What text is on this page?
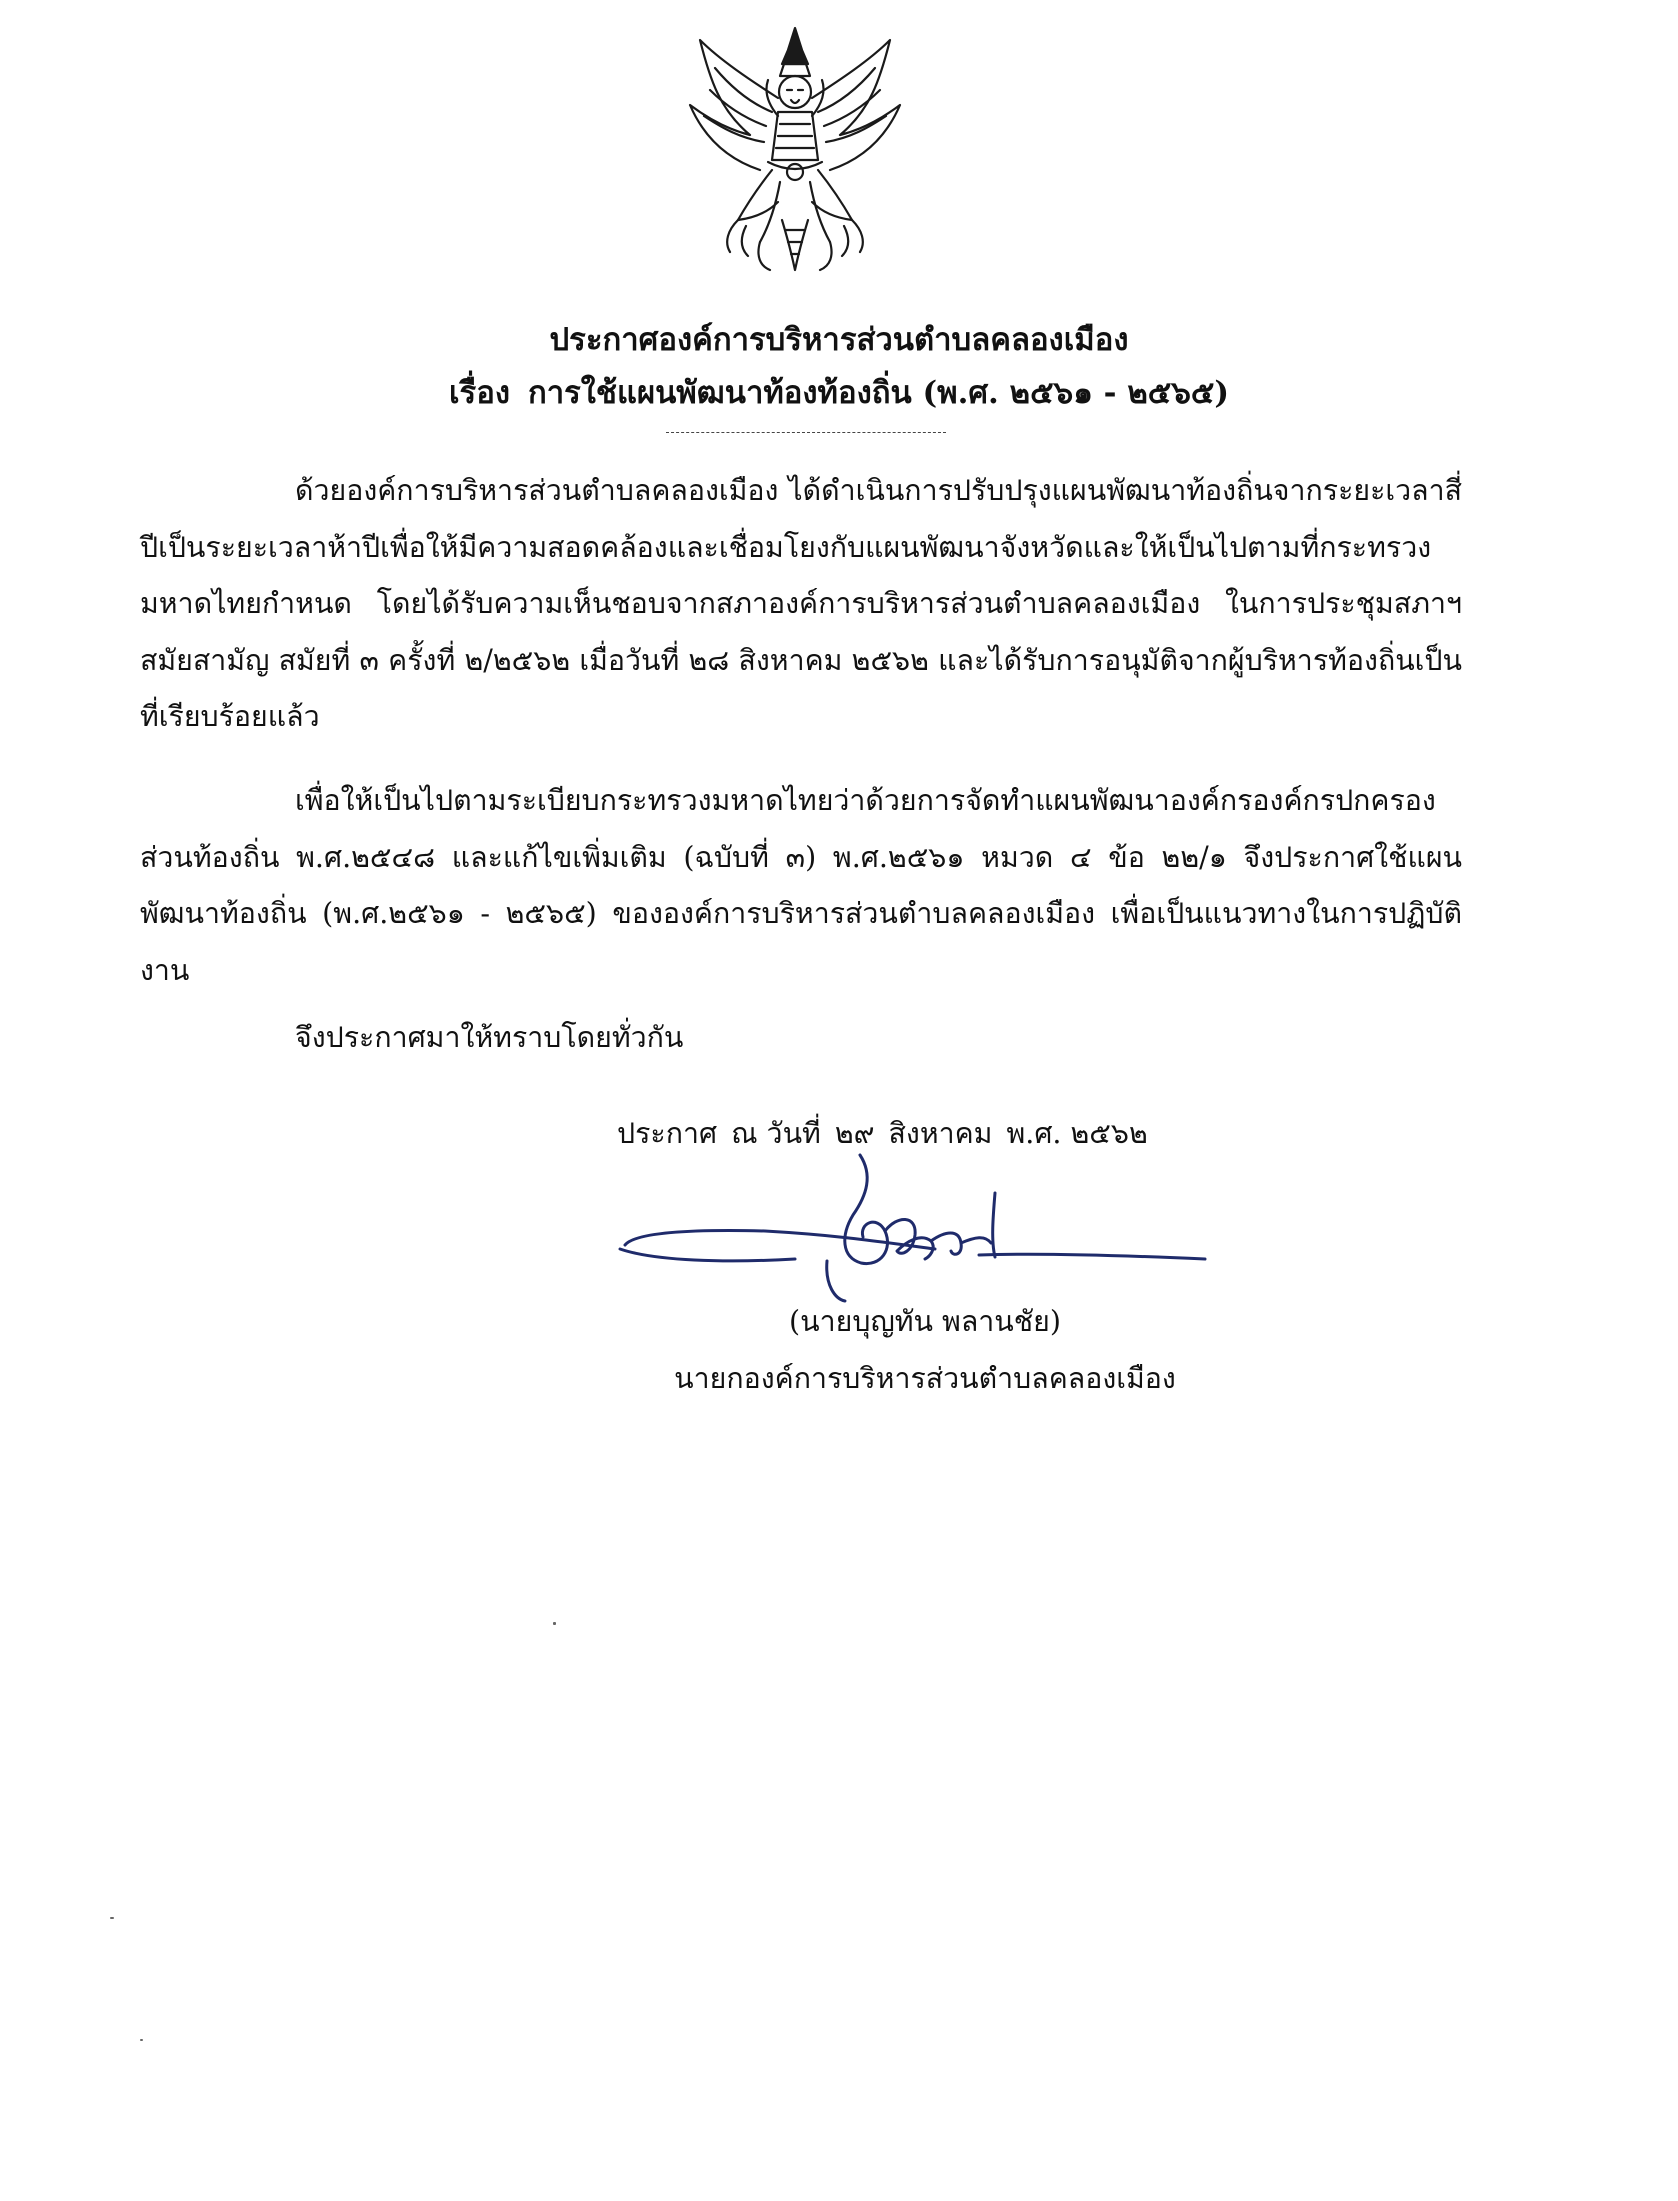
ประกาศองค์การบริหารส่วนตำบลคลองเมือง
เรื่อง การใช้แผนพัฒนาท้องท้องถิ่น (พ.ศ. ๒๕๖๑ - ๒๕๖๕)

ด้วยองค์การบริหารส่วนตำบลคลองเมือง ได้ดำเนินการปรับปรุงแผนพัฒนาท้องถิ่นจากระยะเวลาสี่ปีเป็นระยะเวลาห้าปีเพื่อให้มีความสอดคล้องและเชื่อมโยงกับแผนพัฒนาจังหวัดและให้เป็นไปตามที่กระทรวงมหาดไทยกำหนด โดยได้รับความเห็นชอบจากสภาองค์การบริหารส่วนตำบลคลองเมือง ในการประชุมสภาฯ สมัยสามัญ สมัยที่ ๓ ครั้งที่ ๒/๒๕๖๒ เมื่อวันที่ ๒๘ สิงหาคม ๒๕๖๒ และได้รับการอนุมัติจากผู้บริหารท้องถิ่นเป็นที่เรียบร้อยแล้ว

เพื่อให้เป็นไปตามระเบียบกระทรวงมหาดไทยว่าด้วยการจัดทำแผนพัฒนาองค์กรองค์กรปกครองส่วนท้องถิ่น พ.ศ.๒๕๔๘ และแก้ไขเพิ่มเติม (ฉบับที่ ๓) พ.ศ.๒๕๖๑ หมวด ๔ ข้อ ๒๒/๑ จึงประกาศใช้แผนพัฒนาท้องถิ่น (พ.ศ.๒๕๖๑ - ๒๕๖๕) ขององค์การบริหารส่วนตำบลคลองเมือง เพื่อเป็นแนวทางในการปฏิบัติงาน

จึงประกาศมาให้ทราบโดยทั่วกัน

ประกาศ ณ วันที่ ๒๙ สิงหาคม พ.ศ. ๒๕๖๒
(นายบุญทัน พลานชัย)
นายกองค์การบริหารส่วนตำบลคลองเมือง
